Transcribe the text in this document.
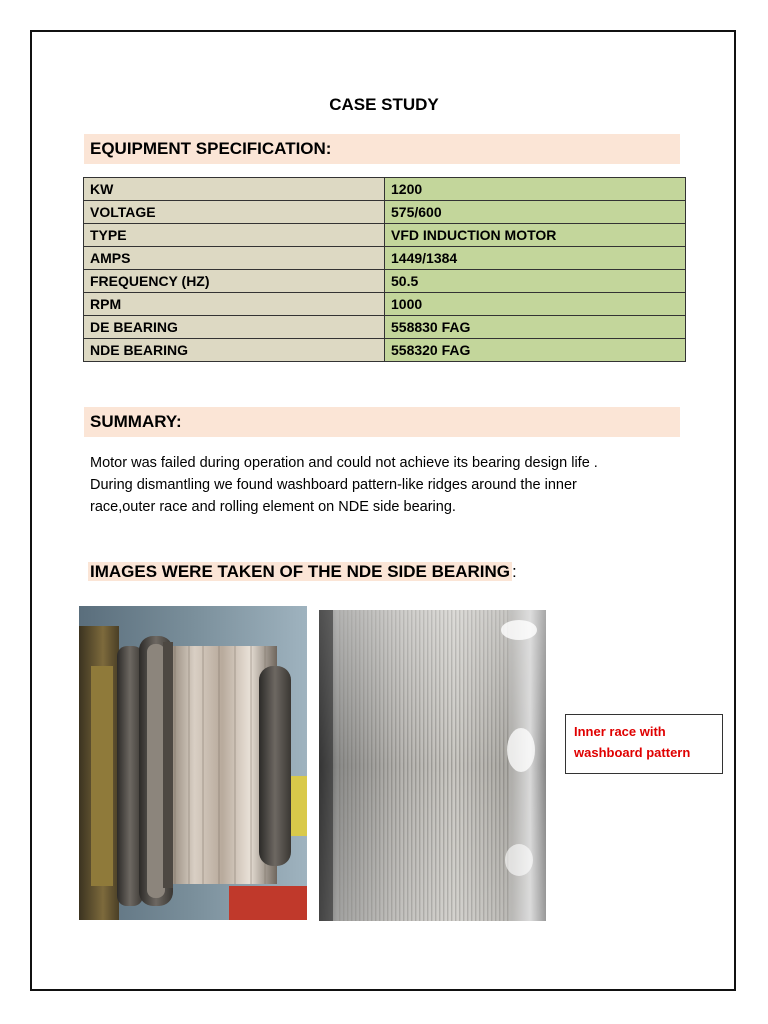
CASE STUDY
EQUIPMENT SPECIFICATION:
KW	1200
VOLTAGE	575/600
TYPE	VFD INDUCTION MOTOR
AMPS	1449/1384
FREQUENCY (HZ)	50.5
RPM	1000
DE BEARING	558830 FAG
NDE BEARING	558320 FAG
SUMMARY:
Motor was failed during operation and could not achieve its bearing design life .
During dismantling we found washboard pattern-like ridges around the inner
race,outer race and rolling element on NDE side bearing.
IMAGES WERE TAKEN OF THE NDE SIDE BEARING :
Inner race with
washboard pattern
